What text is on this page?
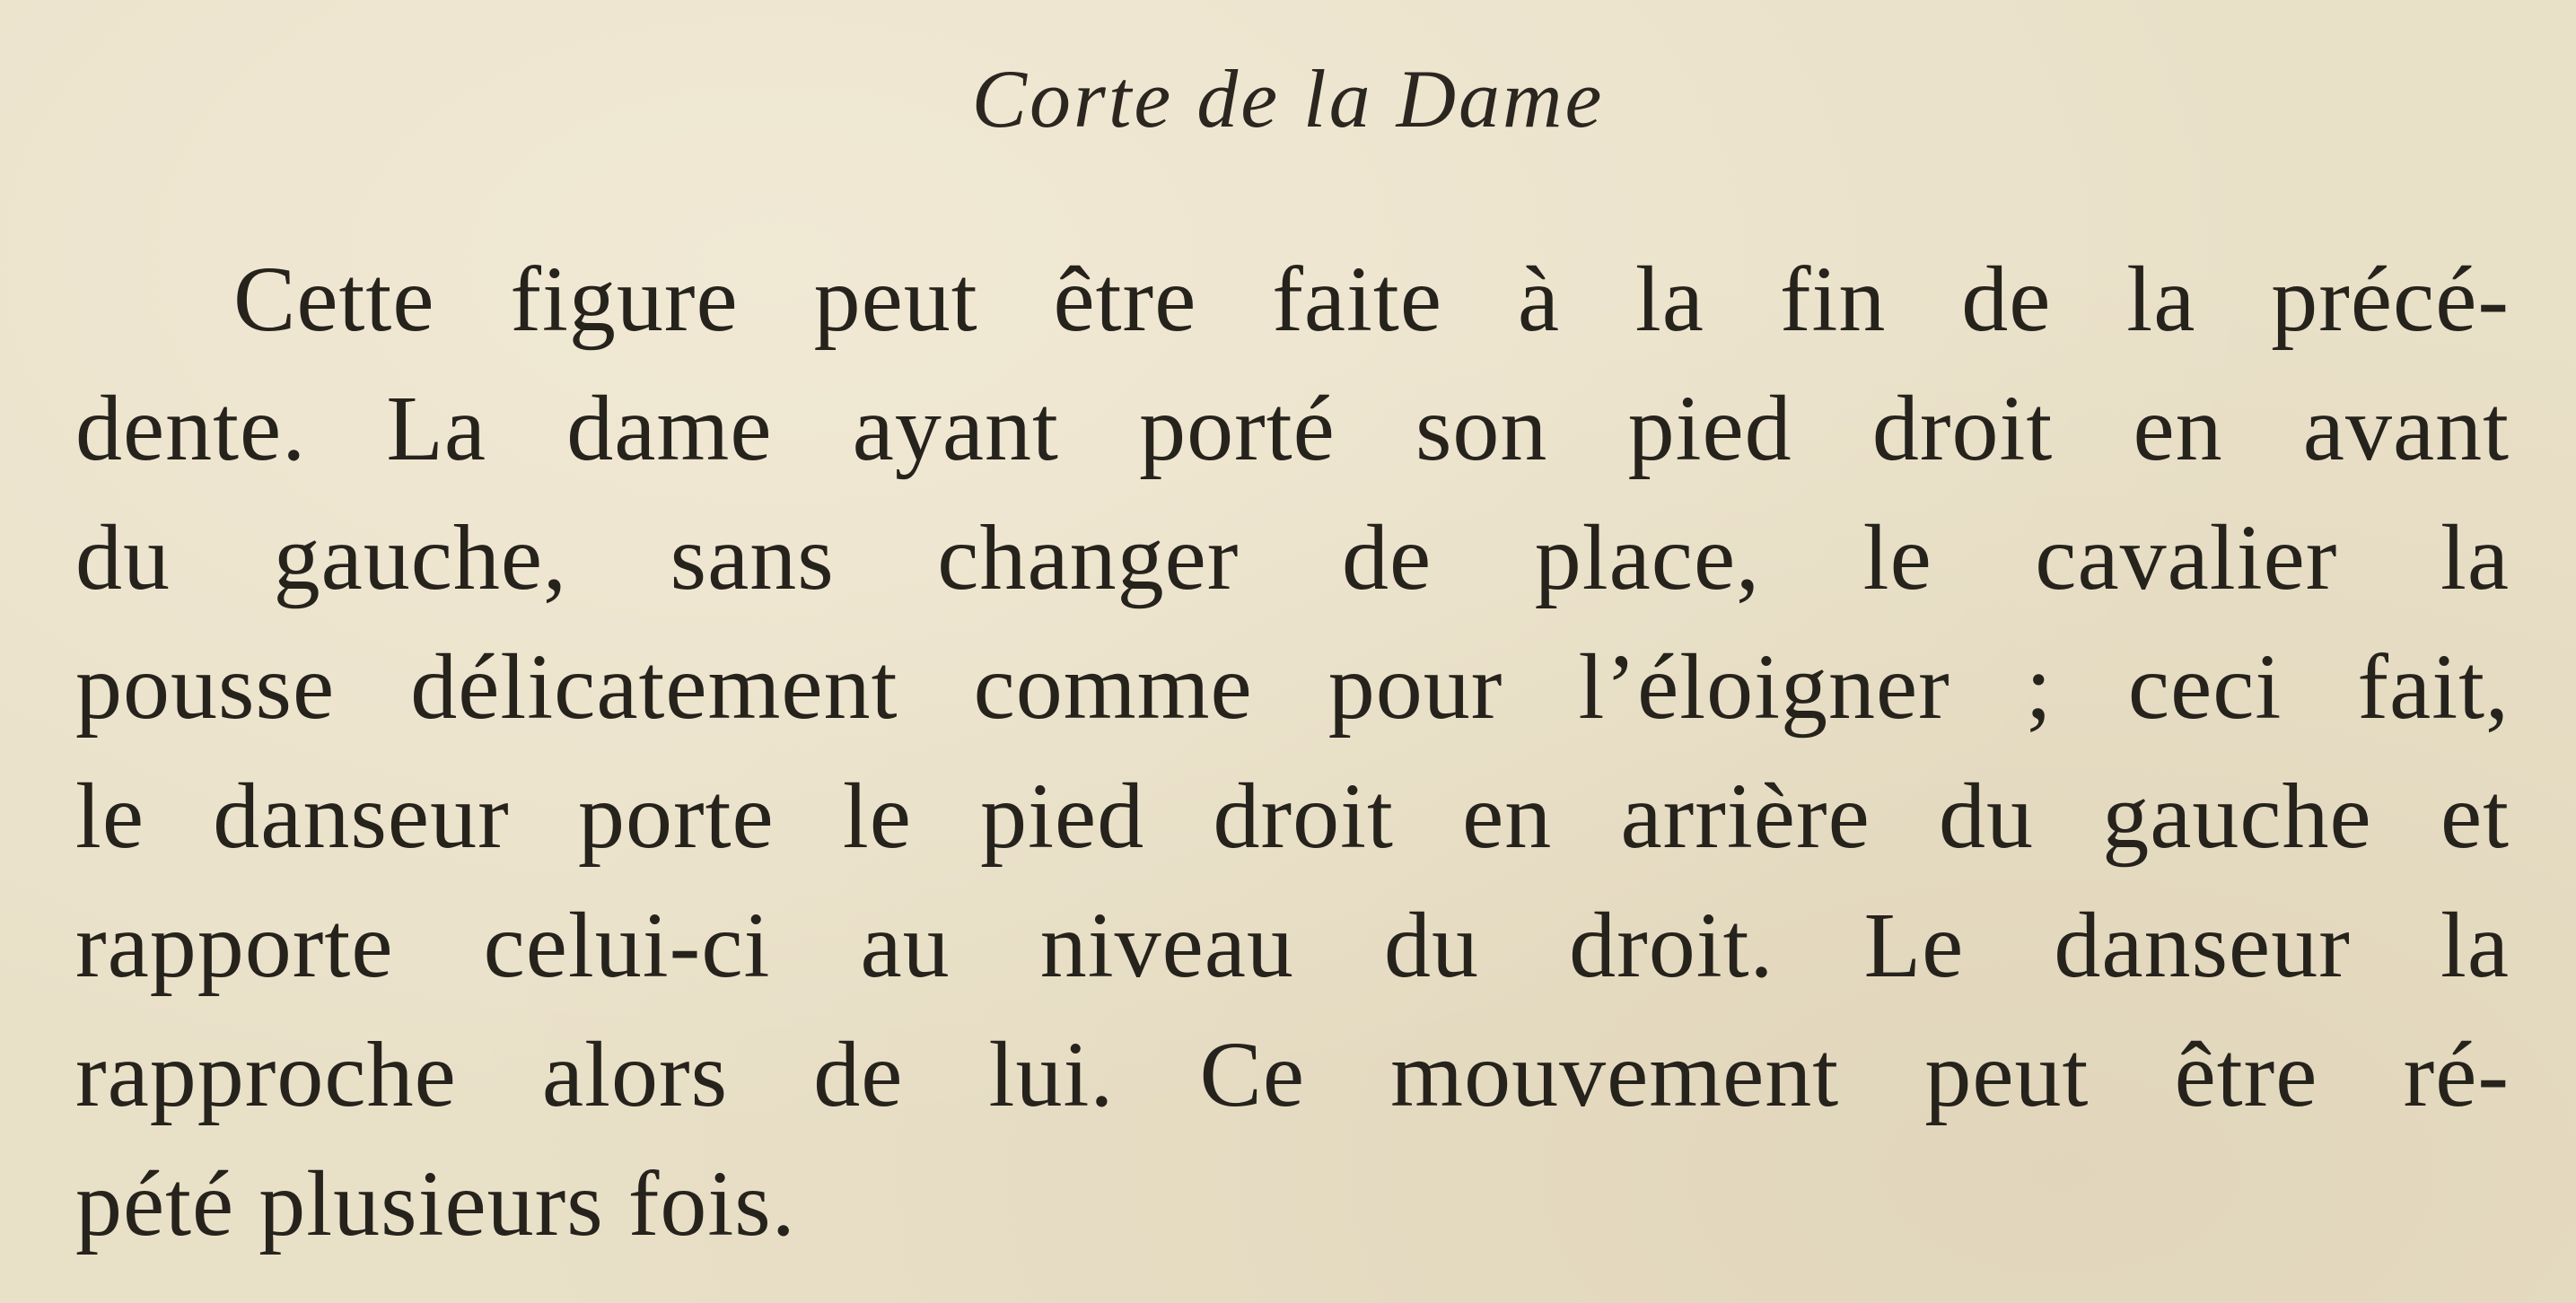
Corte de la Dame
Cette figure peut être faite à la fin de la précé-
dente. La dame ayant porté son pied droit en avant
du gauche, sans changer de place, le cavalier la
pousse délicatement comme pour l’éloigner ; ceci fait,
le danseur porte le pied droit en arrière du gauche et
rapporte celui-ci au niveau du droit. Le danseur la
rapproche alors de lui. Ce mouvement peut être ré-
pété plusieurs fois.
